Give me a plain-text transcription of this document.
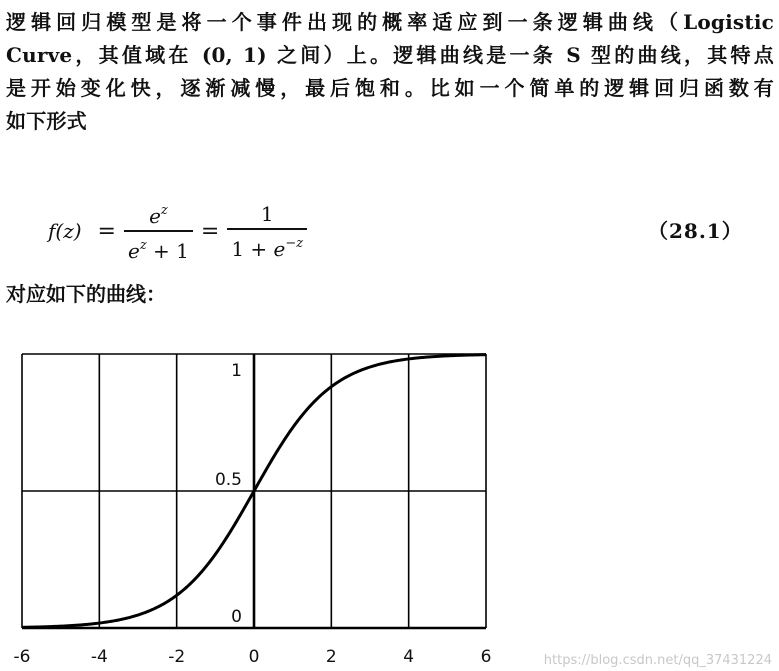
逻辑回归模型是将一个事件出现的概率适应到一条逻辑曲线（Logistic
Curve，其值域在 (0, 1) 之间）上。逻辑曲线是一条 S 型的曲线，其特点
是开始变化快，逐渐减慢，最后饱和。比如一个简单的逻辑回归函数有
如下形式
$f(z) = \frac{e^z}{e^z + 1} = \frac{1}{1 + e^{-z}}$	（28.1）
对应如下的曲线：
-6	-4	-2	0	2	4	6
0
0.5
1
https://blog.csdn.net/qq_37431224
